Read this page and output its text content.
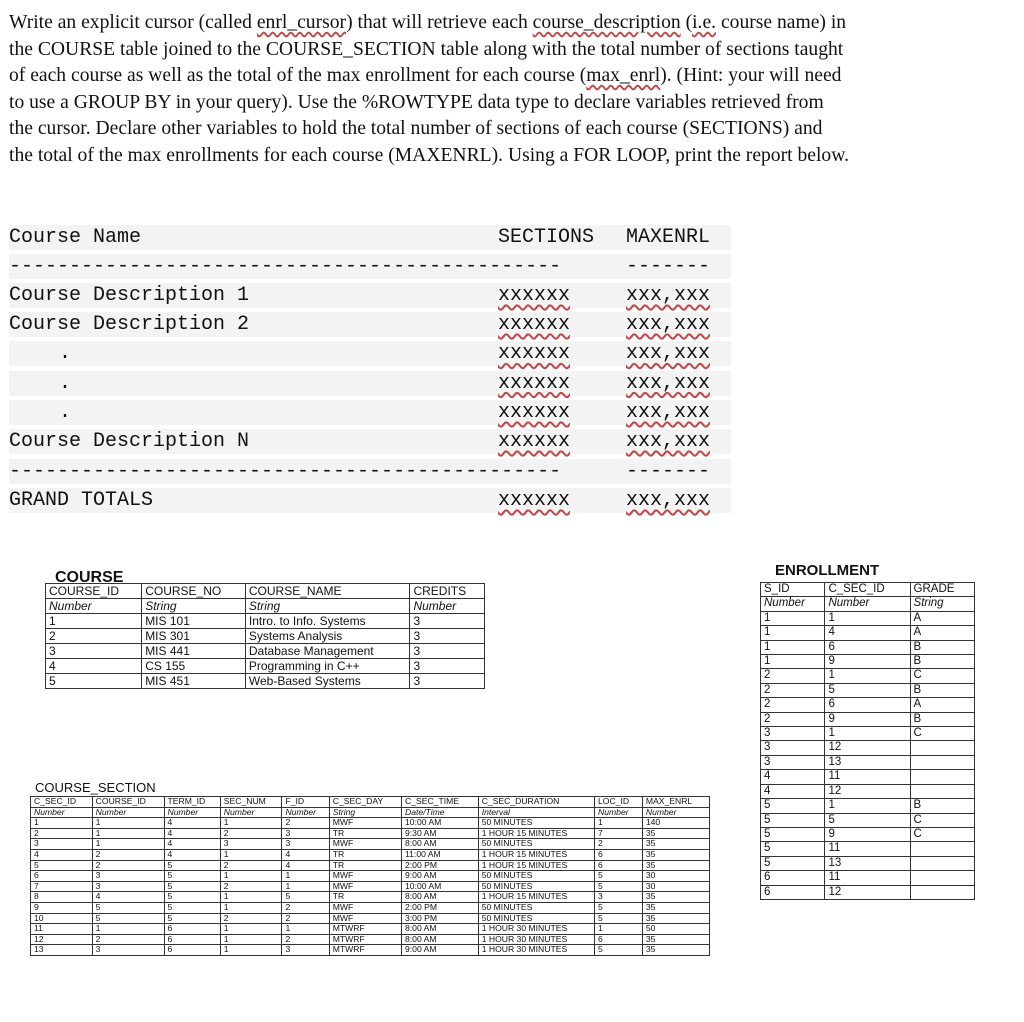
Write an explicit cursor (called enrl_cursor) that will retrieve each course_description (i.e. course name) in the COURSE table joined to the COURSE_SECTION table along with the total number of sections taught of each course as well as the total of the max enrollment for each course (max_enrl). (Hint: your will need to use a GROUP BY in your query). Use the %ROWTYPE data type to declare variables retrieved from the cursor. Declare other variables to hold the total number of sections of each course (SECTIONS) and the total of the max enrollments for each course (MAXENRL). Using a FOR LOOP, print the report below.
Course Name	SECTIONS MAXENRL
----------------------------------------------	-------
Course Description 1	xxxxxx	xxx,xxx
Course Description 2	xxxxxx	xxx,xxx
.	xxxxxx	xxx,xxx
.	xxxxxx	xxx,xxx
.	xxxxxx	xxx,xxx
Course Description N	xxxxxx	xxx,xxx
----------------------------------------------	-------
GRAND TOTALS	xxxxxx	xxx,xxx
COURSE
COURSE_ID	COURSE_NO	COURSE_NAME	CREDITS
Number	String	String	Number
1	MIS 101	Intro. to Info. Systems	3
2	MIS 301	Systems Analysis	3
3	MIS 441	Database Management	3
4	CS 155	Programming in C++	3
5	MIS 451	Web-Based Systems	3
COURSE_SECTION
C_SEC_ID	COURSE_ID	TERM_ID	SEC_NUM	F_ID	C_SEC_DAY	C_SEC_TIME	C_SEC_DURATION	LOC_ID	MAX_ENRL
Number	Number	Number	Number	Number	String	Date/Time	Interval	Number	Number
1	1	4	1	2	MWF	10:00 AM	50 MINUTES	1	140
2	1	4	2	3	TR	9:30 AM	1 HOUR 15 MINUTES	7	35
3	1	4	3	3	MWF	8:00 AM	50 MINUTES	2	35
4	2	4	1	4	TR	11:00 AM	1 HOUR 15 MINUTES	6	35
5	2	5	2	4	TR	2:00 PM	1 HOUR 15 MINUTES	6	35
6	3	5	1	1	MWF	9:00 AM	50 MINUTES	5	30
7	3	5	2	1	MWF	10:00 AM	50 MINUTES	5	30
8	4	5	1	5	TR	8:00 AM	1 HOUR 15 MINUTES	3	35
9	5	5	1	2	MWF	2:00 PM	50 MINUTES	5	35
10	5	5	2	2	MWF	3:00 PM	50 MINUTES	5	35
11	1	6	1	1	MTWRF	8:00 AM	1 HOUR 30 MINUTES	1	50
12	2	6	1	2	MTWRF	8:00 AM	1 HOUR 30 MINUTES	6	35
13	3	6	1	3	MTWRF	9:00 AM	1 HOUR 30 MINUTES	5	35
ENROLLMENT
S_ID	C_SEC_ID	GRADE
Number	Number	String
1	1	A
1	4	A
1	6	B
1	9	B
2	1	C
2	5	B
2	6	A
2	9	B
3	1	C
3	12	
3	13	
4	11	
4	12	
5	1	B
5	5	C
5	9	C
5	11	
5	13	
6	11	
6	12	
